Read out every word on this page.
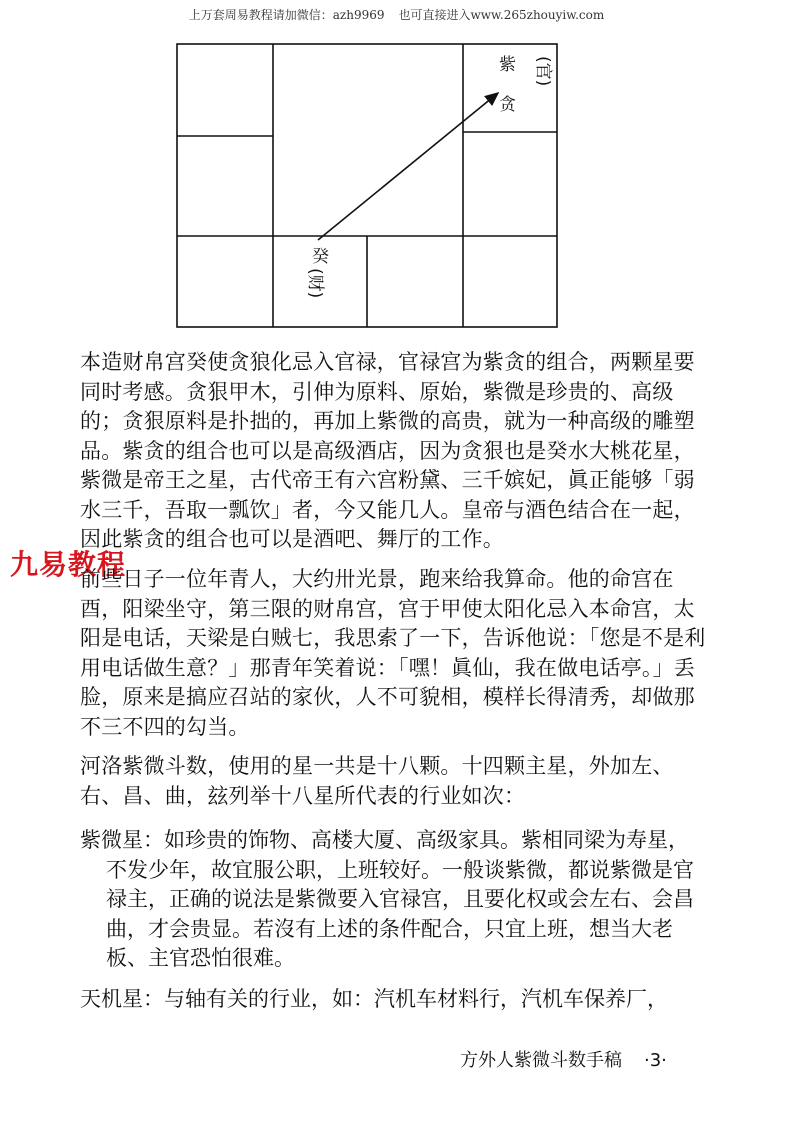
上万套周易教程请加微信：azh9969 也可直接进入www.265zhouyiw.com
紫
贪
(官)
癸
(财)

本造财帛宫癸使贪狼化忌入官禄，官禄宫为紫贪的组合，两颗星要同时考感。贪狠甲木，引伸为原料、原始，紫微是珍贵的、高级的；贪狠原料是扑拙的，再加上紫微的高贵，就为一种高级的雕塑品。紫贪的组合也可以是高级酒店，因为贪狠也是癸水大桃花星，紫微是帝王之星，古代帝王有六宫粉黛、三千嫔妃，眞正能够「弱水三千，吾取一瓢饮」者，今又能几人。皇帝与酒色结合在一起，因此紫贪的组合也可以是酒吧、舞厅的工作。

九易教程

前些日子一位年青人，大约卅光景，跑来给我算命。他的命宫在酉，阳梁坐守，第三限的财帛宫，宫于甲使太阳化忌入本命宫，太阳是电话，天梁是白贼七，我思索了一下，告诉他说：「您是不是利用电话做生意？」那青年笑着说：「嘿！眞仙，我在做电话亭。」丢脸，原来是搞应召站的家伙，人不可貌相，模样长得清秀，却做那不三不四的勾当。

河洛紫微斗数，使用的星一共是十八颗。十四颗主星，外加左、右、昌、曲，玆列举十八星所代表的行业如次：

紫微星：如珍贵的饰物、高楼大厦、高级家具。紫相同梁为寿星，
不发少年，故宜服公职，上班较好。一般谈紫微，都说紫微是官禄主，正确的说法是紫微要入官禄宫，且要化权或会左右、会昌曲，才会贵显。若沒有上述的条件配合，只宜上班，想当大老板、主官恐怕很难。
天机星：与轴有关的行业，如：汽机车材料行，汽机车保养厂，
方外人紫微斗数手稿 ·3·
